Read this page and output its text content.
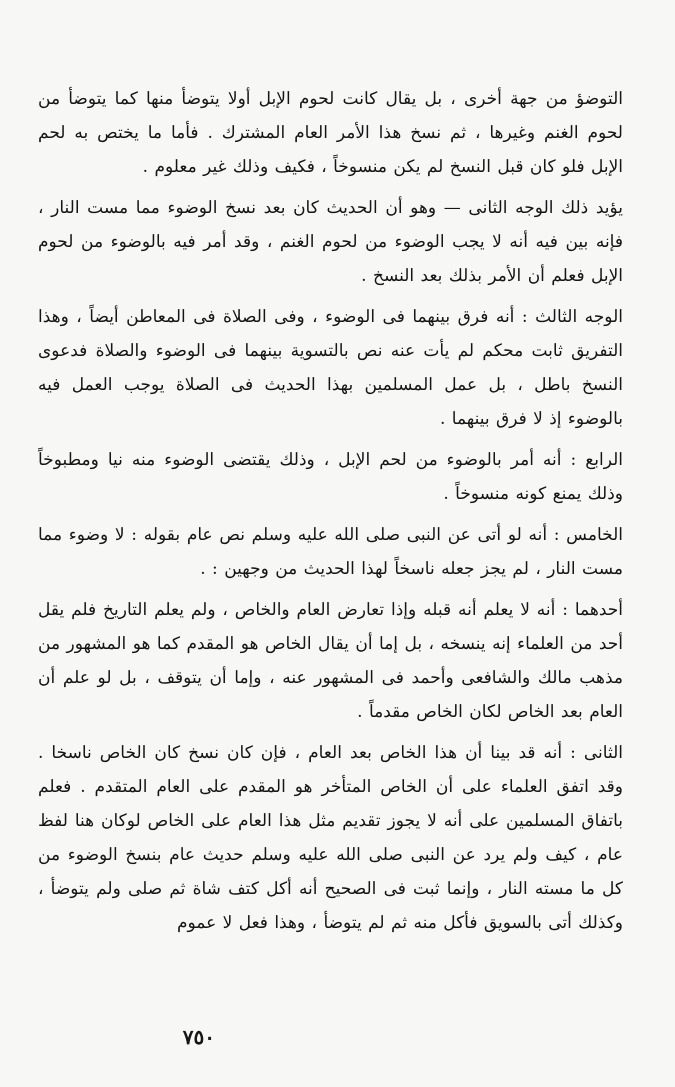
التوضؤ من جهة أخرى ، بل يقال كانت لحوم الإبل أولا يتوضأ منها كما يتوضأ من لحوم الغنم وغيرها ، ثم نسخ هذا الأمر العام المشترك . فأما ما يختص به لحم الإبل فلو كان قبل النسخ لم يكن منسوخاً ، فكيف وذلك غير معلوم .

يؤيد ذلك الوجه الثانى — وهو أن الحديث كان بعد نسخ الوضوء مما مست النار ، فإنه بين فيه أنه لا يجب الوضوء من لحوم الغنم ، وقد أمر فيه بالوضوء من لحوم الإبل فعلم أن الأمر بذلك بعد النسخ .

الوجه الثالث : أنه فرق بينهما فى الوضوء ، وفى الصلاة فى المعاطن أيضاً ، وهذا التفريق ثابت محكم لم يأت عنه نص بالتسوية بينهما فى الوضوء والصلاة فدعوى النسخ باطل ، بل عمل المسلمين بهذا الحديث فى الصلاة يوجب العمل فيه بالوضوء إذ لا فرق بينهما .

الرابع : أنه أمر بالوضوء من لحم الإبل ، وذلك يقتضى الوضوء منه نيا ومطبوخاً وذلك يمنع كونه منسوخاً .

الخامس : أنه لو أتى عن النبى صلى الله عليه وسلم نص عام بقوله : لا وضوء مما مست النار ، لم يجز جعله ناسخاً لهذا الحديث من وجهين : .

أحدهما : أنه لا يعلم أنه قبله وإذا تعارض العام والخاص ، ولم يعلم التاريخ فلم يقل أحد من العلماء إنه ينسخه ، بل إما أن يقال الخاص هو المقدم كما هو المشهور من مذهب مالك والشافعى وأحمد فى المشهور عنه ، وإما أن يتوقف ، بل لو علم أن العام بعد الخاص لكان الخاص مقدماً .

الثانى : أنه قد بينا أن هذا الخاص بعد العام ، فإن كان نسخ كان الخاص ناسخا . وقد اتفق العلماء على أن الخاص المتأخر هو المقدم على العام المتقدم . فعلم باتفاق المسلمين على أنه لا يجوز تقديم مثل هذا العام على الخاص لوكان هنا لفظ عام ، كيف ولم يرد عن النبى صلى الله عليه وسلم حديث عام بنسخ الوضوء من كل ما مسته النار ، وإنما ثبت فى الصحيح أنه أكل كتف شاة ثم صلى ولم يتوضأ ، وكذلك أتى بالسويق فأكل منه ثم لم يتوضأ ، وهذا فعل لا عموم

٧٥٠
